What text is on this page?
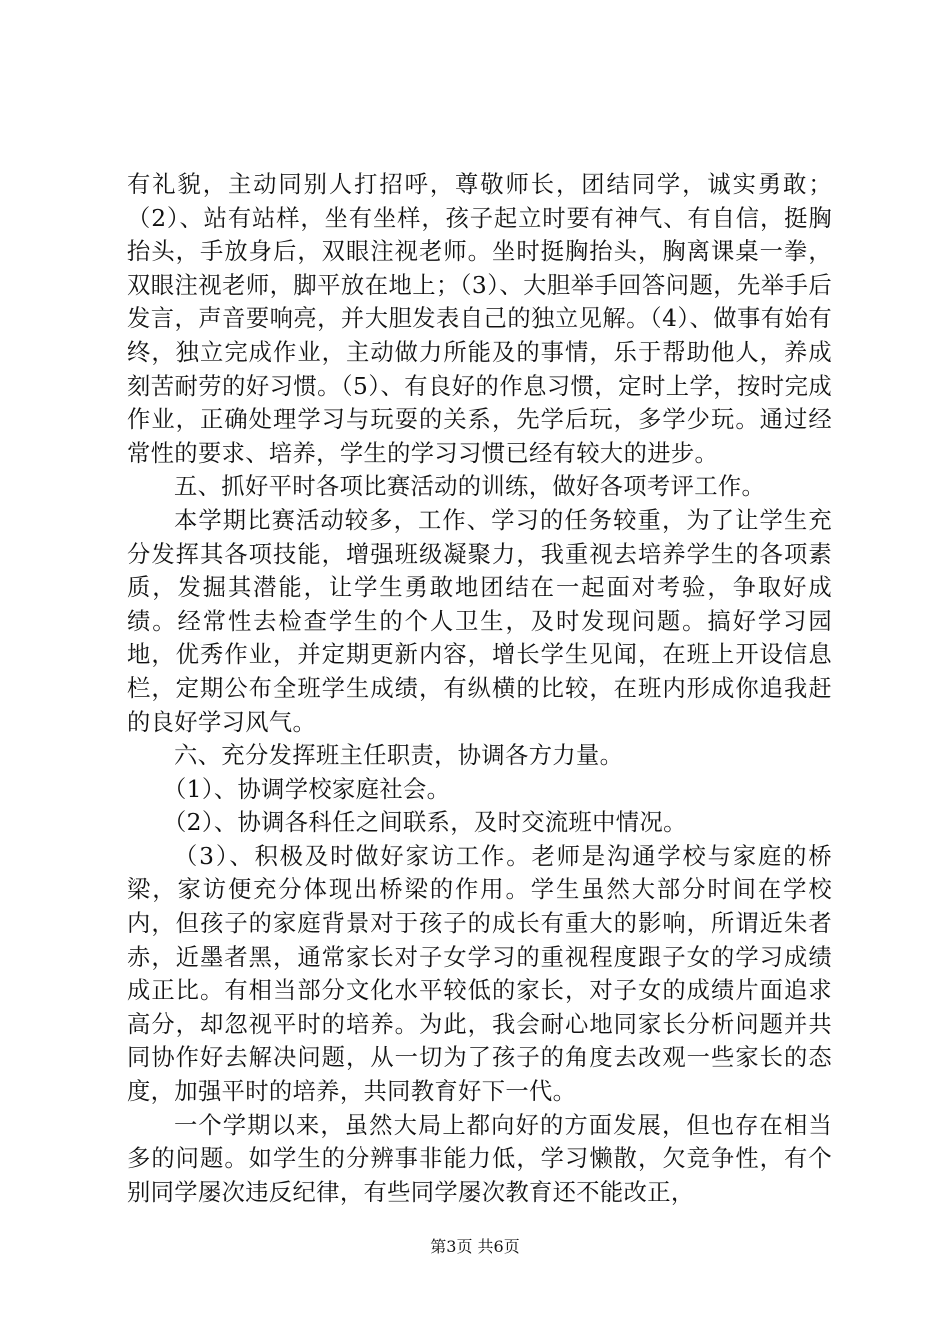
有礼貌，主动同别人打招呼，尊敬师长，团结同学，诚实勇敢；（2）、站有站样，坐有坐样，孩子起立时要有神气、有自信，挺胸抬头，手放身后，双眼注视老师。坐时挺胸抬头，胸离课桌一拳，双眼注视老师，脚平放在地上；（3）、大胆举手回答问题，先举手后发言，声音要响亮，并大胆发表自己的独立见解。（4）、做事有始有终，独立完成作业，主动做力所能及的事情，乐于帮助他人，养成刻苦耐劳的好习惯。（5）、有良好的作息习惯，定时上学，按时完成作业，正确处理学习与玩耍的关系，先学后玩，多学少玩。通过经常性的要求、培养，学生的学习习惯已经有较大的进步。

五、抓好平时各项比赛活动的训练，做好各项考评工作。

本学期比赛活动较多，工作、学习的任务较重，为了让学生充分发挥其各项技能，增强班级凝聚力，我重视去培养学生的各项素质，发掘其潜能，让学生勇敢地团结在一起面对考验，争取好成绩。经常性去检查学生的个人卫生，及时发现问题。搞好学习园地，优秀作业，并定期更新内容，增长学生见闻，在班上开设信息栏，定期公布全班学生成绩，有纵横的比较，在班内形成你追我赶的良好学习风气。

六、充分发挥班主任职责，协调各方力量。

（1）、协调学校家庭社会。

（2）、协调各科任之间联系，及时交流班中情况。

（3）、积极及时做好家访工作。老师是沟通学校与家庭的桥梁，家访便充分体现出桥梁的作用。学生虽然大部分时间在学校内，但孩子的家庭背景对于孩子的成长有重大的影响，所谓近朱者赤，近墨者黑，通常家长对子女学习的重视程度跟子女的学习成绩成正比。有相当部分文化水平较低的家长，对子女的成绩片面追求高分，却忽视平时的培养。为此，我会耐心地同家长分析问题并共同协作好去解决问题，从一切为了孩子的角度去改观一些家长的态度，加强平时的培养，共同教育好下一代。

一个学期以来，虽然大局上都向好的方面发展，但也存在相当多的问题。如学生的分辨事非能力低，学习懒散，欠竞争性，有个别同学屡次违反纪律，有些同学屡次教育还不能改正，

第3页 共6页
